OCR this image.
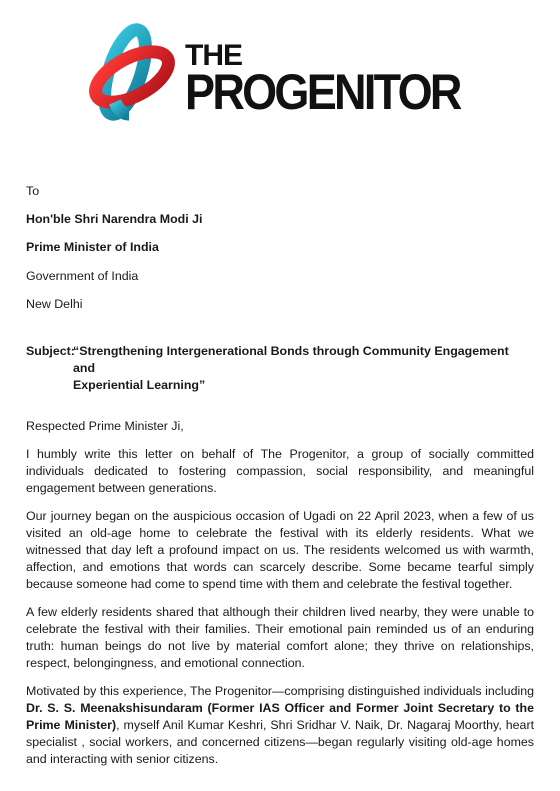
THE
PROGENITOR
To
Hon'ble Shri Narendra Modi Ji
Prime Minister of India
Government of India
New Delhi
Subject:
“Strengthening Intergenerational Bonds through Community Engagement and
Experiential Learning”
Respected Prime Minister Ji,

I humbly write this letter on behalf of The Progenitor, a group of socially committed individuals dedicated to fostering compassion, social responsibility, and meaningful engagement between generations.

Our journey began on the auspicious occasion of Ugadi on 22 April 2023, when a few of us visited an old-age home to celebrate the festival with its elderly residents. What we witnessed that day left a profound impact on us. The residents welcomed us with warmth, affection, and emotions that words can scarcely describe. Some became tearful simply because someone had come to spend time with them and celebrate the festival together.

A few elderly residents shared that although their children lived nearby, they were unable to celebrate the festival with their families. Their emotional pain reminded us of an enduring truth: human beings do not live by material comfort alone; they thrive on relationships, respect, belongingness, and emotional connection.

Motivated by this experience, The Progenitor—comprising distinguished individuals including Dr. S. S. Meenakshisundaram (Former IAS Officer and Former Joint Secretary to the Prime Minister), myself Anil Kumar Keshri, Shri Sridhar V. Naik, Dr. Nagaraj Moorthy, heart specialist , social workers, and concerned citizens—began regularly visiting old-age homes and interacting with senior citizens.
